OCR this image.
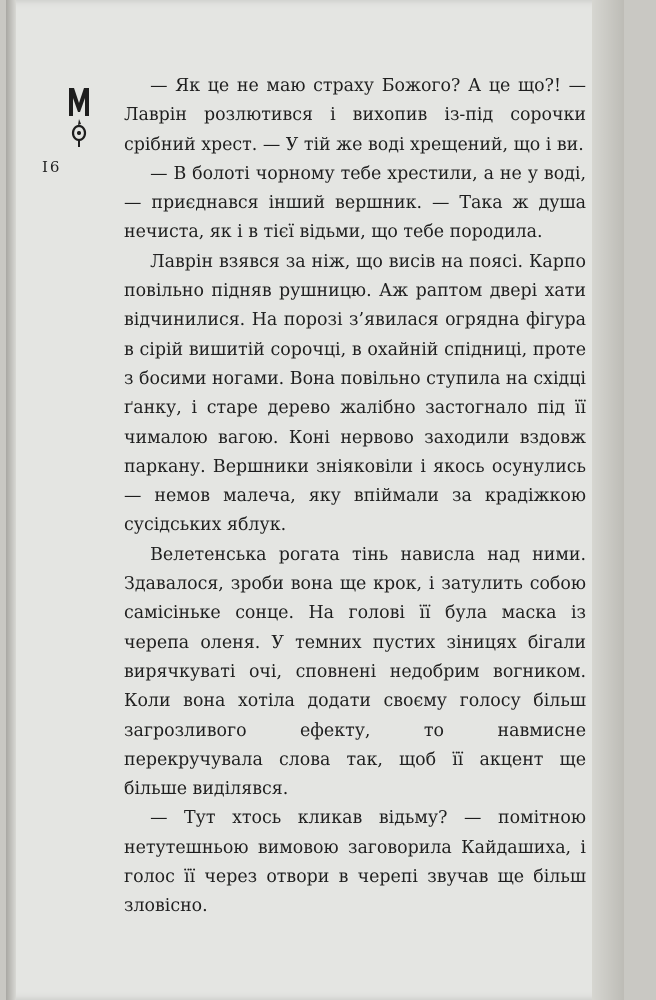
I6

— Як це не маю страху Божого? А це що?! — Лаврін розлютився і вихопив із-під сорочки срібний хрест. — У тій же воді хрещений, що і ви.

— В болоті чорному тебе хрестили, а не у воді, — приєднався інший вершник. — Така ж душа нечиста, як і в тієї відьми, що тебе породила.

Лаврін взявся за ніж, що висів на поясі. Карпо повільно підняв рушницю. Аж раптом двері хати відчинилися. На порозі з’явилася огрядна фігура в сірій вишитій сорочці, в охайній спідниці, проте з босими ногами. Вона повільно ступила на східці ґанку, і старе дерево жалібно застогнало під її чималою вагою. Коні нервово заходили вздовж паркану. Вершники зніяковіли і якось осунулись — немов малеча, яку впіймали за крадіжкою сусідських яблук.

Велетенська рогата тінь нависла над ними. Здавалося, зроби вона ще крок, і затулить собою самісіньке сонце. На голові її була маска із черепа оленя. У темних пустих зіницях бігали вирячкуваті очі, сповнені недобрим вогником. Коли вона хотіла додати своєму голосу більш загрозливого ефекту, то навмисне перекручувала слова так, щоб її акцент ще більше виділявся.

— Тут хтось кликав відьму? — помітною нетутешньою вимовою заговорила Кайдашиха, і голос її через отвори в черепі звучав ще більш зловісно.
